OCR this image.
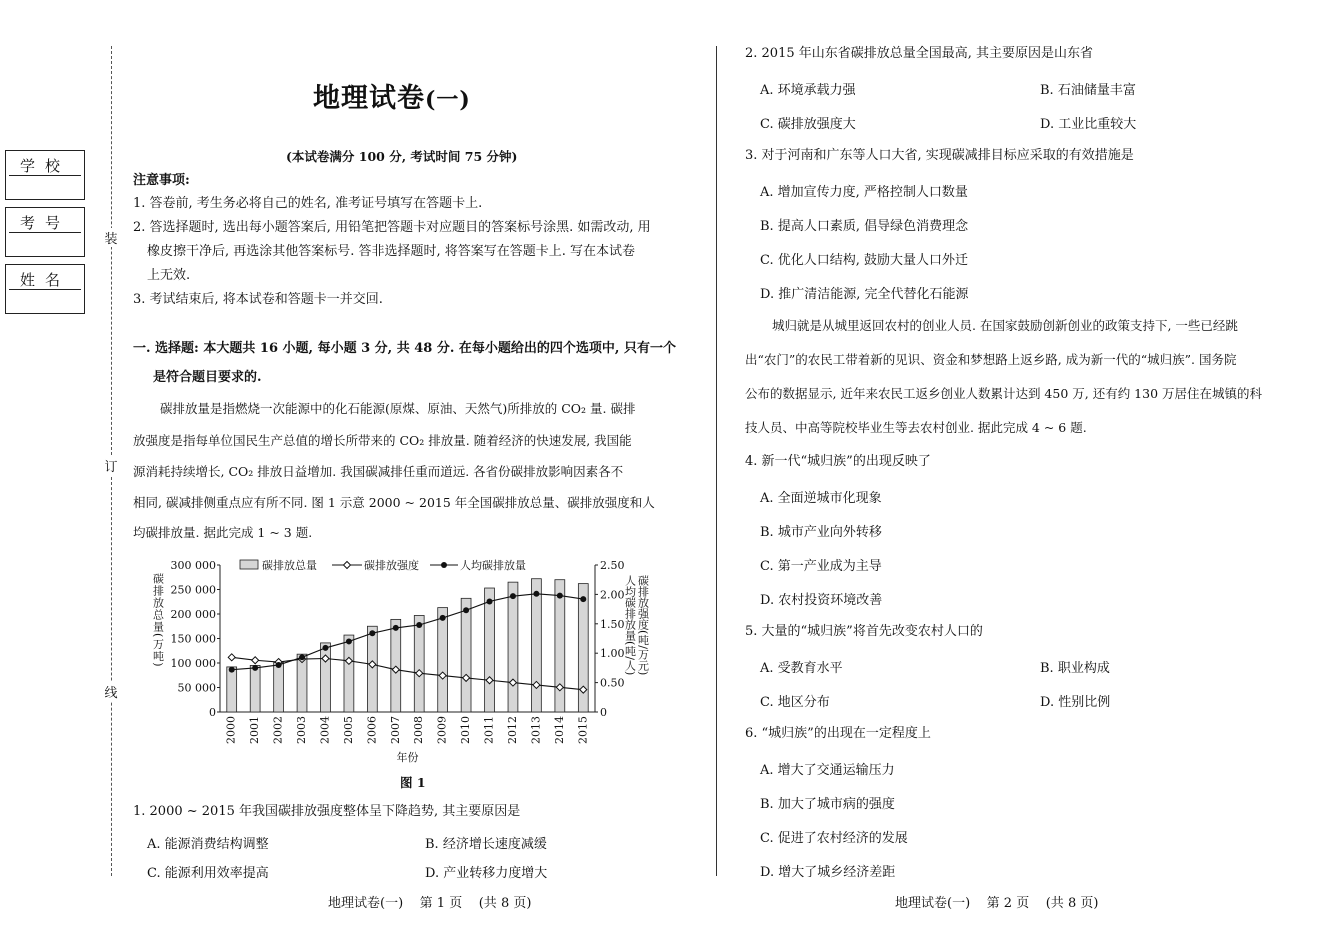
学校
考号
姓名
装
订
线
地理试卷(一)
(本试卷满分 100 分, 考试时间 75 分钟)
注意事项:
1. 答卷前, 考生务必将自己的姓名, 准考证号填写在答题卡上.
2. 答选择题时, 选出每小题答案后, 用铅笔把答题卡对应题目的答案标号涂黑. 如需改动, 用
橡皮擦干净后, 再选涂其他答案标号. 答非选择题时, 将答案写在答题卡上. 写在本试卷
上无效.
3. 考试结束后, 将本试卷和答题卡一并交回.
一. 选择题: 本大题共 16 小题, 每小题 3 分, 共 48 分. 在每小题给出的四个选项中, 只有一个
是符合题目要求的.
碳排放量是指燃烧一次能源中的化石能源(原煤、原油、天然气)所排放的 CO₂ 量. 碳排
放强度是指每单位国民生产总值的增长所带来的 CO₂ 排放量. 随着经济的快速发展, 我国能
源消耗持续增长, CO₂ 排放日益增加. 我国碳减排任重而道远. 各省份碳排放影响因素各不
相同, 碳减排侧重点应有所不同. 图 1 示意 2000 ~ 2015 年全国碳排放总量、碳排放强度和人
均碳排放量. 据此完成 1 ~ 3 题.
0
50 000
100 000
150 000
200 000
250 000
300 000
0
0.50
1.00
1.50
2.00
2.50
2000 2001 2002 2003 2004 2005 2006 2007 2008 2009 2010 2011 2012 2013 2014 2015
碳排放总量	碳排放强度	人均碳排放量
碳排放总量(万吨)	碳排放强度(吨/万元)
人均碳排放量(吨/人)
年份
图 1
1. 2000 ~ 2015 年我国碳排放强度整体呈下降趋势, 其主要原因是
A. 能源消费结构调整	B. 经济增长速度减缓
C. 能源利用效率提高	D. 产业转移力度增大
地理试卷(一)    第 1 页    (共 8 页)
2. 2015 年山东省碳排放总量全国最高, 其主要原因是山东省
A. 环境承载力强	B. 石油储量丰富
C. 碳排放强度大	D. 工业比重较大
3. 对于河南和广东等人口大省, 实现碳减排目标应采取的有效措施是
A. 增加宣传力度, 严格控制人口数量
B. 提高人口素质, 倡导绿色消费理念
C. 优化人口结构, 鼓励大量人口外迁
D. 推广清洁能源, 完全代替化石能源
城归就是从城里返回农村的创业人员. 在国家鼓励创新创业的政策支持下, 一些已经跳
出“农门”的农民工带着新的见识、资金和梦想路上返乡路, 成为新一代的“城归族”. 国务院
公布的数据显示, 近年来农民工返乡创业人数累计达到 450 万, 还有约 130 万居住在城镇的科
技人员、中高等院校毕业生等去农村创业. 据此完成 4 ~ 6 题.
4. 新一代“城归族”的出现反映了
A. 全面逆城市化现象
B. 城市产业向外转移
C. 第一产业成为主导
D. 农村投资环境改善
5. 大量的“城归族”将首先改变农村人口的
A. 受教育水平	B. 职业构成
C. 地区分布	D. 性别比例
6. “城归族”的出现在一定程度上
A. 增大了交通运输压力
B. 加大了城市病的强度
C. 促进了农村经济的发展
D. 增大了城乡经济差距
地理试卷(一)    第 2 页    (共 8 页)
